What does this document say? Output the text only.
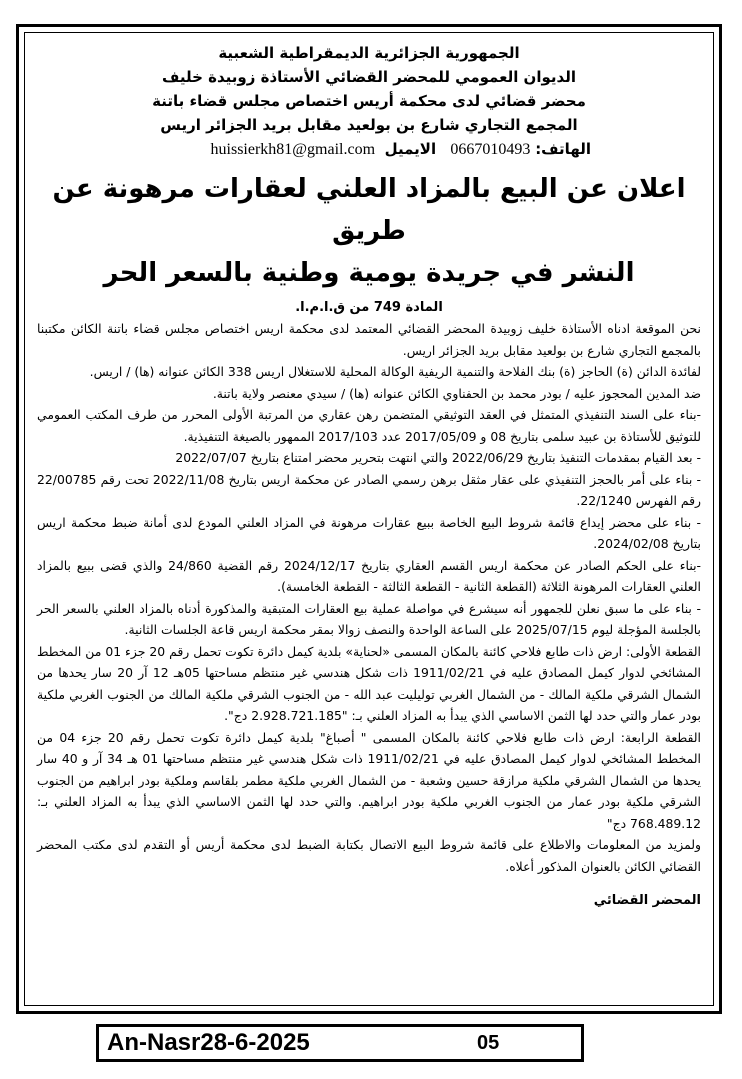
الجمهورية الجزائرية الديمقراطية الشعبية
الديوان العمومي للمحضر القضائي الأستاذة زوبيدة خليف
محضر قضائي لدى محكمة أريس اختصاص مجلس قضاء باتنة
المجمع التجاري شارع بن بولعيد مقابل بريد الجزائر اريس
الهاتف: 0667010493   الايميل  huissierkh81@gmail.com
اعلان عن البيع بالمزاد العلني لعقارات مرهونة عن طريق
النشر في جريدة يومية وطنية بالسعر الحر
المادة 749 من ق.ا.م.ا.

نحن الموقعة ادناه الأستاذة خليف زوبيدة المحضر القضائي المعتمد لدى محكمة اريس اختصاص مجلس قضاء باتنة الكائن مكتبنا بالمجمع التجاري شارع بن بولعيد مقابل بريد الجزائر اريس.

لفائدة الدائن (ة) الحاجز (ة) بنك الفلاحة والتنمية الريفية الوكالة المحلية للاستغلال اريس 338 الكائن عنوانه (ها) / اريس.

ضد المدين المحجوز عليه / بودر محمد بن الحفناوي الكائن عنوانه (ها) / سيدي معنصر ولاية باتنة.

-بناء على السند التنفيذي المتمثل في العقد التوثيقي المتضمن رهن عقاري من المرتبة الأولى المحرر من طرف المكتب العمومي للتوثيق للأستاذة بن عبيد سلمى بتاريخ 08 و 2017/05/09 عدد 2017/103 الممهور بالصيغة التنفيذية.

- بعد القيام بمقدمات التنفيذ بتاريخ 2022/06/29 والتي انتهت بتحرير محضر امتناع بتاريخ 2022/07/07

- بناء على أمر بالحجز التنفيذي على عقار مثقل برهن رسمي الصادر عن محكمة اريس بتاريخ 2022/11/08 تحت رقم 22/00785 رقم الفهرس 22/1240.

- بناء على محضر إيداع قائمة شروط البيع الخاصة ببيع عقارات مرهونة في المزاد العلني المودع لدى أمانة ضبط محكمة اريس بتاريخ 2024/02/08.

-بناء على الحكم الصادر عن محكمة اريس القسم العقاري بتاريخ 2024/12/17 رقم القضية 24/860 والذي قضى ببيع بالمزاد العلني العقارات المرهونة الثلاثة (القطعة الثانية - القطعة الثالثة - القطعة الخامسة).

- بناء على ما سبق نعلن للجمهور أنه سيشرع في مواصلة عملية بيع العقارات المتبقية والمذكورة أدناه بالمزاد العلني بالسعر الحر بالجلسة المؤجلة ليوم 2025/07/15 على الساعة الواحدة والنصف زوالا بمقر محكمة اريس قاعة الجلسات الثانية.

القطعة الأولى: ارض ذات طابع فلاحي كائنة بالمكان المسمى «لحناية» بلدية كيمل دائرة تكوت تحمل رقم 20 جزء 01 من المخطط المشائخي لدوار كيمل المصادق عليه في 1911/02/21 ذات شكل هندسي غير منتظم مساحتها 05هـ 12 آر 20 سار يحدها من الشمال الشرقي ملكية المالك - من الشمال الغربي توليليت عبد الله - من الجنوب الشرقي ملكية المالك من الجنوب الغربي ملكية بودر عمار والتي حدد لها الثمن الاساسي الذي يبدأ به المزاد العلني بـ: "2.928.721.185 دج".

القطعة الرابعة: ارض ذات طابع فلاحي كائنة بالمكان المسمى " أصباغ" بلدية كيمل دائرة تكوت تحمل رقم 20 جزء 04 من المخطط المشائخي لدوار كيمل المصادق عليه في 1911/02/21 ذات شكل هندسي غير منتظم مساحتها 01 هـ 34 آر و 40 سار يحدها من الشمال الشرقي ملكية مرازقة حسين وشعبة - من الشمال الغربي ملكية مطمر بلقاسم وملكية بودر ابراهيم من الجنوب الشرقي ملكية بودر عمار من الجنوب الغربي ملكية بودر ابراهيم. والتي حدد لها الثمن الاساسي الذي يبدأ به المزاد العلني بـ: 768.489.12 دج"

ولمزيد من المعلومات والاطلاع على قائمة شروط البيع الاتصال بكتابة الضبط لدى محكمة أريس أو التقدم لدى مكتب المحضر القضائي الكائن بالعنوان المذكور أعلاه.

المحضر القضائي
An-Nasr28-6-2025	05
